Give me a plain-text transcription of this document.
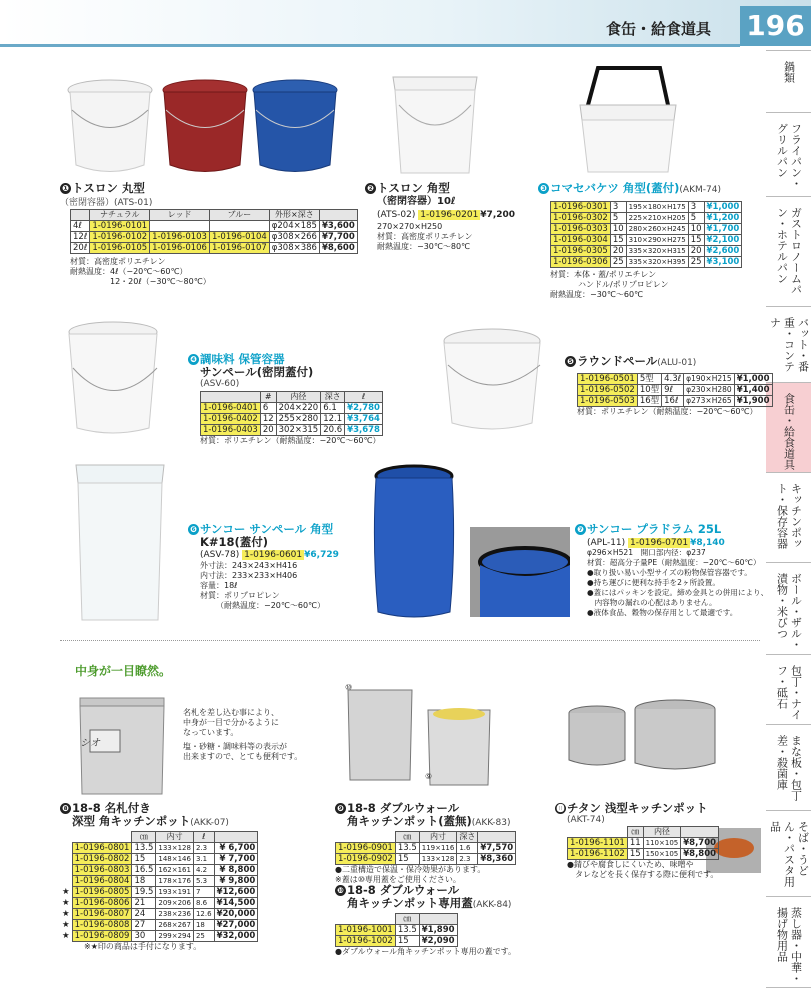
食缶・給食道具 196
鍋類
フライパン・グリルパン
ガストロノームパン・ホテルパン
バット・番重・コンテナ
食缶・給食道具
キッチンポット・保存容器
ボール・ザル・漬物・米びつ
包丁・ナイフ・砥石
まな板・包丁差・殺菌庫
そば・うどん・パスタ用品
蒸し器・中華・揚げ物用品
シオ
⑩
⑨
❶ トスロン 丸型
（密閉容器）(ATS-01)
	ナチュラル	レッド	ブルー	外形×深さ	
4ℓ	1-0196-0101			φ204×185	¥3,600
12ℓ	1-0196-0102	1-0196-0103	1-0196-0104	φ308×266	¥7,700
20ℓ	1-0196-0105	1-0196-0106	1-0196-0107	φ308×386	¥8,600
材質：高密度ポリエチレン
耐熱温度：4ℓ（−20℃〜60℃）
12・20ℓ（−30℃〜80℃）
❷ トスロン 角型
（密閉容器）10ℓ
(ATS-02) 1-0196-0201 ¥7,200
270×270×H250
材質：高密度ポリエチレン
耐熱温度：−30℃〜80℃
❸ コマセバケツ 角型(蓋付)(AKM-74)
1-0196-0301	3	195×180×H175	3	¥1,000
1-0196-0302	5	225×210×H205	5	¥1,200
1-0196-0303	10	280×260×H245	10	¥1,700
1-0196-0304	15	310×290×H275	15	¥2,100
1-0196-0305	20	335×320×H315	20	¥2,600
1-0196-0306	25	335×320×H395	25	¥3,100
材質：本体・蓋/ポリエチレン
ハンドル/ポリプロピレン
耐熱温度：−30℃〜60℃
❹ 調味料 保管容器
サンペール(密閉蓋付)
(ASV-60)
	#	内径	深さ	ℓ
1-0196-0401	6	204×220	6.1	¥2,780
1-0196-0402	12	255×280	12.1	¥3,764
1-0196-0403	20	302×315	20.6	¥3,678
材質：ポリエチレン（耐熱温度：−20℃〜60℃）
❺ ラウンドペール(ALU-01)
1-0196-0501	5型	4.3ℓ	φ190×H215	¥1,000
1-0196-0502	10型	9ℓ	φ230×H280	¥1,400
1-0196-0503	16型	16ℓ	φ273×H265	¥1,900
材質：ポリエチレン（耐熱温度：−20℃〜60℃）
❻ サンコー サンペール 角型
K#18(蓋付)
(ASV-78) 1-0196-0601 ¥6,729
外寸法：243×243×H416
内寸法：233×233×H406
容量：18ℓ
材質：ポリプロピレン
（耐熱温度：−20℃〜60℃）
❼ サンコー プラドラム 25L
(APL-11) 1-0196-0701 ¥8,140
φ296×H521　開口部内径：φ237
材質：超高分子量PE（耐熱温度：−20℃〜60℃）
●取り扱い易い小型サイズの粉物保管容器です。
●持ち運びに便利な持手を2ヶ所設置。
●蓋にはパッキンを設定。締め金具との併用により、
　内容物の漏れの心配はありません。
●液体食品、穀物の保存用として最適です。
中身が一目瞭然。
名札を差し込む事により、
中身が一目で分かるように
なっています。
塩・砂糖・調味料等の表示が
出来ますので、とても便利です。
❽ 18-8 名札付き
深型 角キッチンポット(AKK-07)
		㎝	内寸	ℓ	
	1-0196-0801	13.5	133×128	2.3	¥ 6,700
	1-0196-0802	15	148×146	3.1	¥ 7,700
	1-0196-0803	16.5	162×161	4.2	¥ 8,800
	1-0196-0804	18	178×176	5.3	¥ 9,800
★	1-0196-0805	19.5	193×191	7	¥12,600
★	1-0196-0806	21	209×206	8.6	¥14,500
★	1-0196-0807	24	238×236	12.6	¥20,000
★	1-0196-0808	27	268×267	18	¥27,000
★	1-0196-0809	30	299×294	25	¥32,000
※★印の商品は手付になります。
❾ 18-8 ダブルウォール
角キッチンポット(蓋無)(AKK-83)
	㎝	内寸	深さ	
1-0196-0901	13.5	119×116	1.6	¥7,570
1-0196-0902	15	133×128	2.3	¥8,360
●二重構造で保温・保冷効果があります。
※蓋は⑩専用蓋をご使用ください。
❿ 18-8 ダブルウォール
角キッチンポット専用蓋(AKK-84)
	㎝	
1-0196-1001	13.5	¥1,890
1-0196-1002	15	¥2,090
●ダブルウォール角キッチンポット専用の蓋です。
⓫ チタン 浅型キッチンポット
(AKT-74)
	㎝	内径	
1-0196-1101	11	110×105	¥8,700
1-0196-1102	15	150×105	¥8,800
●錆びや腐食しにくいため、味噌や
　タレなどを長く保存する際に便利です。
